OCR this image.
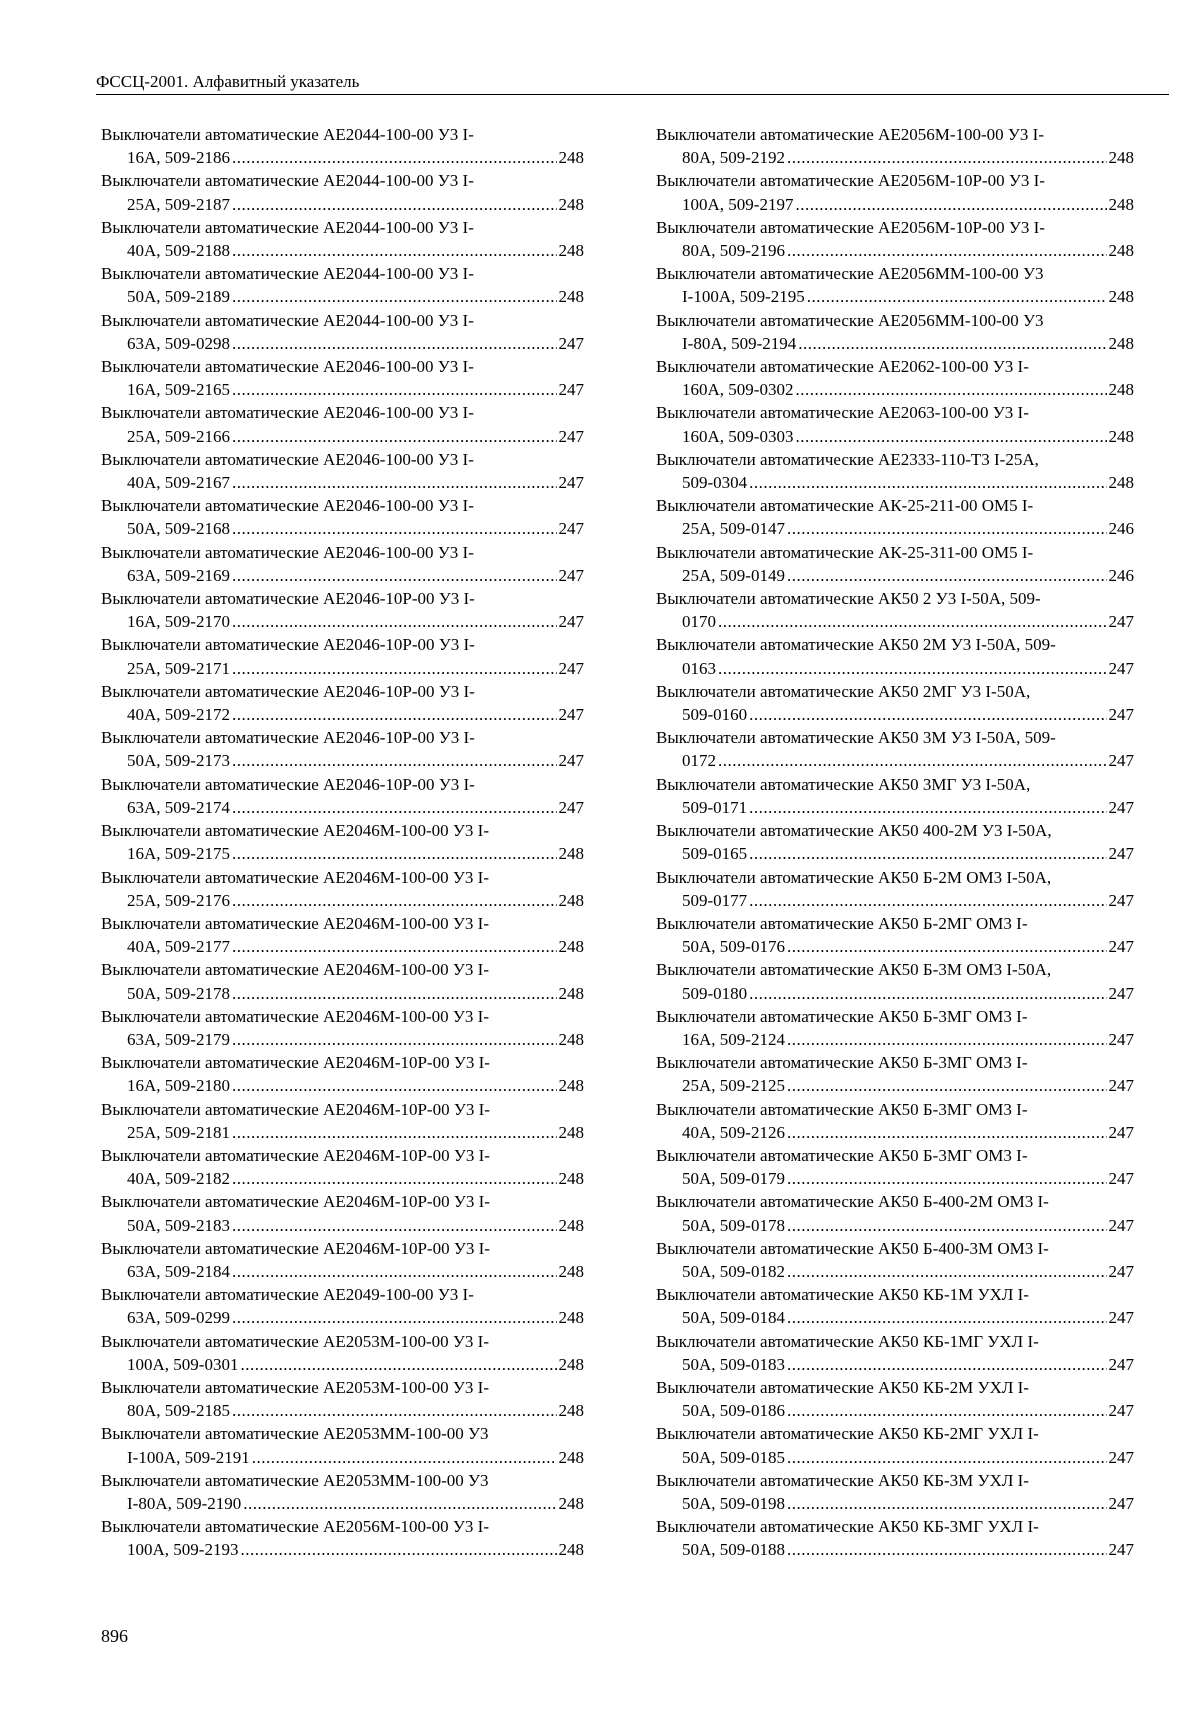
ФССЦ-2001. Алфавитный указатель
Выключатели автоматические АЕ2044-100-00 У3 I-
16А, 509-2186 .....	248
Выключатели автоматические АЕ2044-100-00 У3 I-
25А, 509-2187 .....	248
Выключатели автоматические АЕ2044-100-00 У3 I-
40А, 509-2188 .....	248
Выключатели автоматические АЕ2044-100-00 У3 I-
50А, 509-2189 .....	248
Выключатели автоматические АЕ2044-100-00 У3 I-
63А, 509-0298 .....	247
Выключатели автоматические АЕ2046-100-00 У3 I-
16А, 509-2165 .....	247
Выключатели автоматические АЕ2046-100-00 У3 I-
25А, 509-2166 .....	247
Выключатели автоматические АЕ2046-100-00 У3 I-
40А, 509-2167 .....	247
Выключатели автоматические АЕ2046-100-00 У3 I-
50А, 509-2168 .....	247
Выключатели автоматические АЕ2046-100-00 У3 I-
63А, 509-2169 .....	247
Выключатели автоматические АЕ2046-10Р-00 У3 I-
16А, 509-2170 .....	247
Выключатели автоматические АЕ2046-10Р-00 У3 I-
25А, 509-2171 .....	247
Выключатели автоматические АЕ2046-10Р-00 У3 I-
40А, 509-2172 .....	247
Выключатели автоматические АЕ2046-10Р-00 У3 I-
50А, 509-2173 .....	247
Выключатели автоматические АЕ2046-10Р-00 У3 I-
63А, 509-2174 .....	247
Выключатели автоматические АЕ2046М-100-00 У3 I-
16А, 509-2175 .....	248
Выключатели автоматические АЕ2046М-100-00 У3 I-
25А, 509-2176 .....	248
Выключатели автоматические АЕ2046М-100-00 У3 I-
40А, 509-2177 .....	248
Выключатели автоматические АЕ2046М-100-00 У3 I-
50А, 509-2178 .....	248
Выключатели автоматические АЕ2046М-100-00 У3 I-
63А, 509-2179 .....	248
Выключатели автоматические АЕ2046М-10Р-00 У3 I-
16А, 509-2180 .....	248
Выключатели автоматические АЕ2046М-10Р-00 У3 I-
25А, 509-2181 .....	248
Выключатели автоматические АЕ2046М-10Р-00 У3 I-
40А, 509-2182 .....	248
Выключатели автоматические АЕ2046М-10Р-00 У3 I-
50А, 509-2183 .....	248
Выключатели автоматические АЕ2046М-10Р-00 У3 I-
63А, 509-2184 .....	248
Выключатели автоматические АЕ2049-100-00 У3 I-
63А, 509-0299 .....	248
Выключатели автоматические АЕ2053М-100-00 У3 I-
100А, 509-0301 .....	248
Выключатели автоматические АЕ2053М-100-00 У3 I-
80А, 509-2185 .....	248
Выключатели автоматические АЕ2053ММ-100-00 У3
I-100А, 509-2191 .....	248
Выключатели автоматические АЕ2053ММ-100-00 У3
I-80А, 509-2190 .....	248
Выключатели автоматические АЕ2056М-100-00 У3 I-
100А, 509-2193 .....	248
Выключатели автоматические АЕ2056М-100-00 У3 I-
80А, 509-2192 .....	248
Выключатели автоматические АЕ2056М-10Р-00 У3 I-
100А, 509-2197 .....	248
Выключатели автоматические АЕ2056М-10Р-00 У3 I-
80А, 509-2196 .....	248
Выключатели автоматические АЕ2056ММ-100-00 У3
I-100А, 509-2195 .....	248
Выключатели автоматические АЕ2056ММ-100-00 У3
I-80А, 509-2194 .....	248
Выключатели автоматические АЕ2062-100-00 У3 I-
160А, 509-0302 .....	248
Выключатели автоматические АЕ2063-100-00 У3 I-
160А, 509-0303 .....	248
Выключатели автоматические АЕ2333-110-Т3 I-25А,
509-0304 .....	248
Выключатели автоматические АК-25-211-00 ОМ5 I-
25А, 509-0147 .....	246
Выключатели автоматические АК-25-311-00 ОМ5 I-
25А, 509-0149 .....	246
Выключатели автоматические АК50 2 У3 I-50А, 509-
0170 .....	247
Выключатели автоматические АК50 2М У3 I-50А, 509-
0163 .....	247
Выключатели автоматические АК50 2МГ У3 I-50А,
509-0160 .....	247
Выключатели автоматические АК50 3М У3 I-50А, 509-
0172 .....	247
Выключатели автоматические АК50 3МГ У3 I-50А,
509-0171 .....	247
Выключатели автоматические АК50 400-2М У3 I-50А,
509-0165 .....	247
Выключатели автоматические АК50 Б-2М ОМ3 I-50А,
509-0177 .....	247
Выключатели автоматические АК50 Б-2МГ ОМ3 I-
50А, 509-0176 .....	247
Выключатели автоматические АК50 Б-3М ОМ3 I-50А,
509-0180 .....	247
Выключатели автоматические АК50 Б-3МГ ОМ3 I-
16А, 509-2124 .....	247
Выключатели автоматические АК50 Б-3МГ ОМ3 I-
25А, 509-2125 .....	247
Выключатели автоматические АК50 Б-3МГ ОМ3 I-
40А, 509-2126 .....	247
Выключатели автоматические АК50 Б-3МГ ОМ3 I-
50А, 509-0179 .....	247
Выключатели автоматические АК50 Б-400-2М ОМ3 I-
50А, 509-0178 .....	247
Выключатели автоматические АК50 Б-400-3М ОМ3 I-
50А, 509-0182 .....	247
Выключатели автоматические АК50 КБ-1М УХЛ I-
50А, 509-0184 .....	247
Выключатели автоматические АК50 КБ-1МГ УХЛ I-
50А, 509-0183 .....	247
Выключатели автоматические АК50 КБ-2М УХЛ I-
50А, 509-0186 .....	247
Выключатели автоматические АК50 КБ-2МГ УХЛ I-
50А, 509-0185 .....	247
Выключатели автоматические АК50 КБ-3М УХЛ I-
50А, 509-0198 .....	247
Выключатели автоматические АК50 КБ-3МГ УХЛ I-
50А, 509-0188 .....	247
896
